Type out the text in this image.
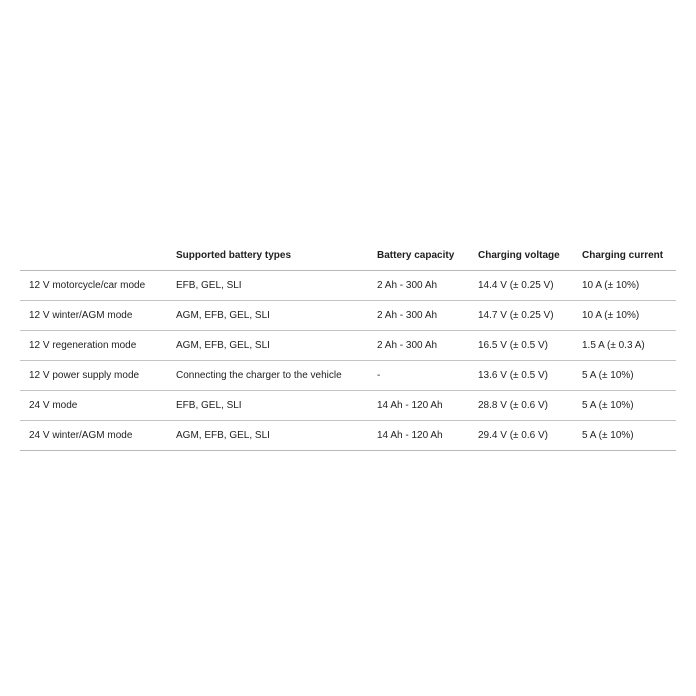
	Supported battery types	Battery capacity	Charging voltage	Charging current
12 V motorcycle/car mode	EFB, GEL, SLI	2 Ah - 300 Ah	14.4 V (± 0.25 V)	10 A (± 10%)
12 V winter/AGM mode	AGM, EFB, GEL, SLI	2 Ah - 300 Ah	14.7 V (± 0.25 V)	10 A (± 10%)
12 V regeneration mode	AGM, EFB, GEL, SLI	2 Ah - 300 Ah	16.5 V (± 0.5 V)	1.5 A (± 0.3 A)
12 V power supply mode	Connecting the charger to the vehicle	-	13.6 V (± 0.5 V)	5 A (± 10%)
24 V mode	EFB, GEL, SLI	14 Ah - 120 Ah	28.8 V (± 0.6 V)	5 A (± 10%)
24 V winter/AGM mode	AGM, EFB, GEL, SLI	14 Ah - 120 Ah	29.4 V (± 0.6 V)	5 A (± 10%)
